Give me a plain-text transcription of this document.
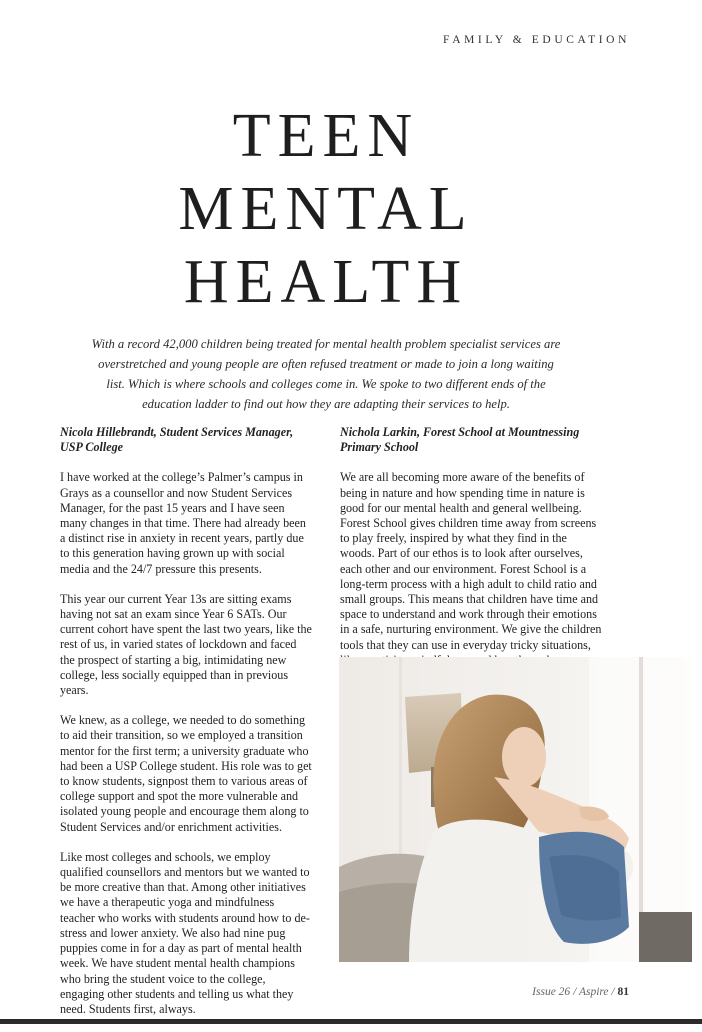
FAMILY & EDUCATION
TEEN
MENTAL
HEALTH
With a record 42,000 children being treated for mental health problem specialist services are overstretched and young people are often refused treatment or made to join a long waiting list. Which is where schools and colleges come in. We spoke to two different ends of the education ladder to find out how they are adapting their services to help.

Nicola Hillebrandt, Student Services Manager, USP College

I have worked at the college’s Palmer’s campus in Grays as a counsellor and now Student Services Manager, for the past 15 years and I have seen many changes in that time. There had already been a distinct rise in anxiety in recent years, partly due to this generation having grown up with social media and the 24/7 pressure this presents.

This year our current Year 13s are sitting exams having not sat an exam since Year 6 SATs. Our current cohort have spent the last two years, like the rest of us, in varied states of lockdown and faced the prospect of starting a big, intimidating new college, less socially equipped than in previous years.

We knew, as a college, we needed to do something to aid their transition, so we employed a transition mentor for the first term; a university graduate who had been a USP College student. His role was to get to know students, signpost them to various areas of college support and spot the more vulnerable and isolated young people and encourage them along to Student Services and/or enrichment activities.

Like most colleges and schools, we employ qualified counsellors and mentors but we wanted to be more creative than that. Among other initiatives we have a therapeutic yoga and mindfulness teacher who works with students around how to de-stress and lower anxiety. We also had nine pug puppies come in for a day as part of mental health week. We have student mental health champions who bring the student voice to the college, engaging other students and telling us what they need. Students first, always.

Nichola Larkin, Forest School at Mountnessing Primary School

We are all becoming more aware of the benefits of being in nature and how spending time in nature is good for our mental health and general wellbeing. Forest School gives children time away from screens to play freely, inspired by what they find in the woods. Part of our ethos is to look after ourselves, each other and our environment. Forest School is a long-term process with a high adult to child ratio and small groups. This means that children have time and space to understand and work through their emotions in a safe, nurturing environment. We give the children tools that they can use in everyday tricky situations,

Issue 26 / Aspire / 81
